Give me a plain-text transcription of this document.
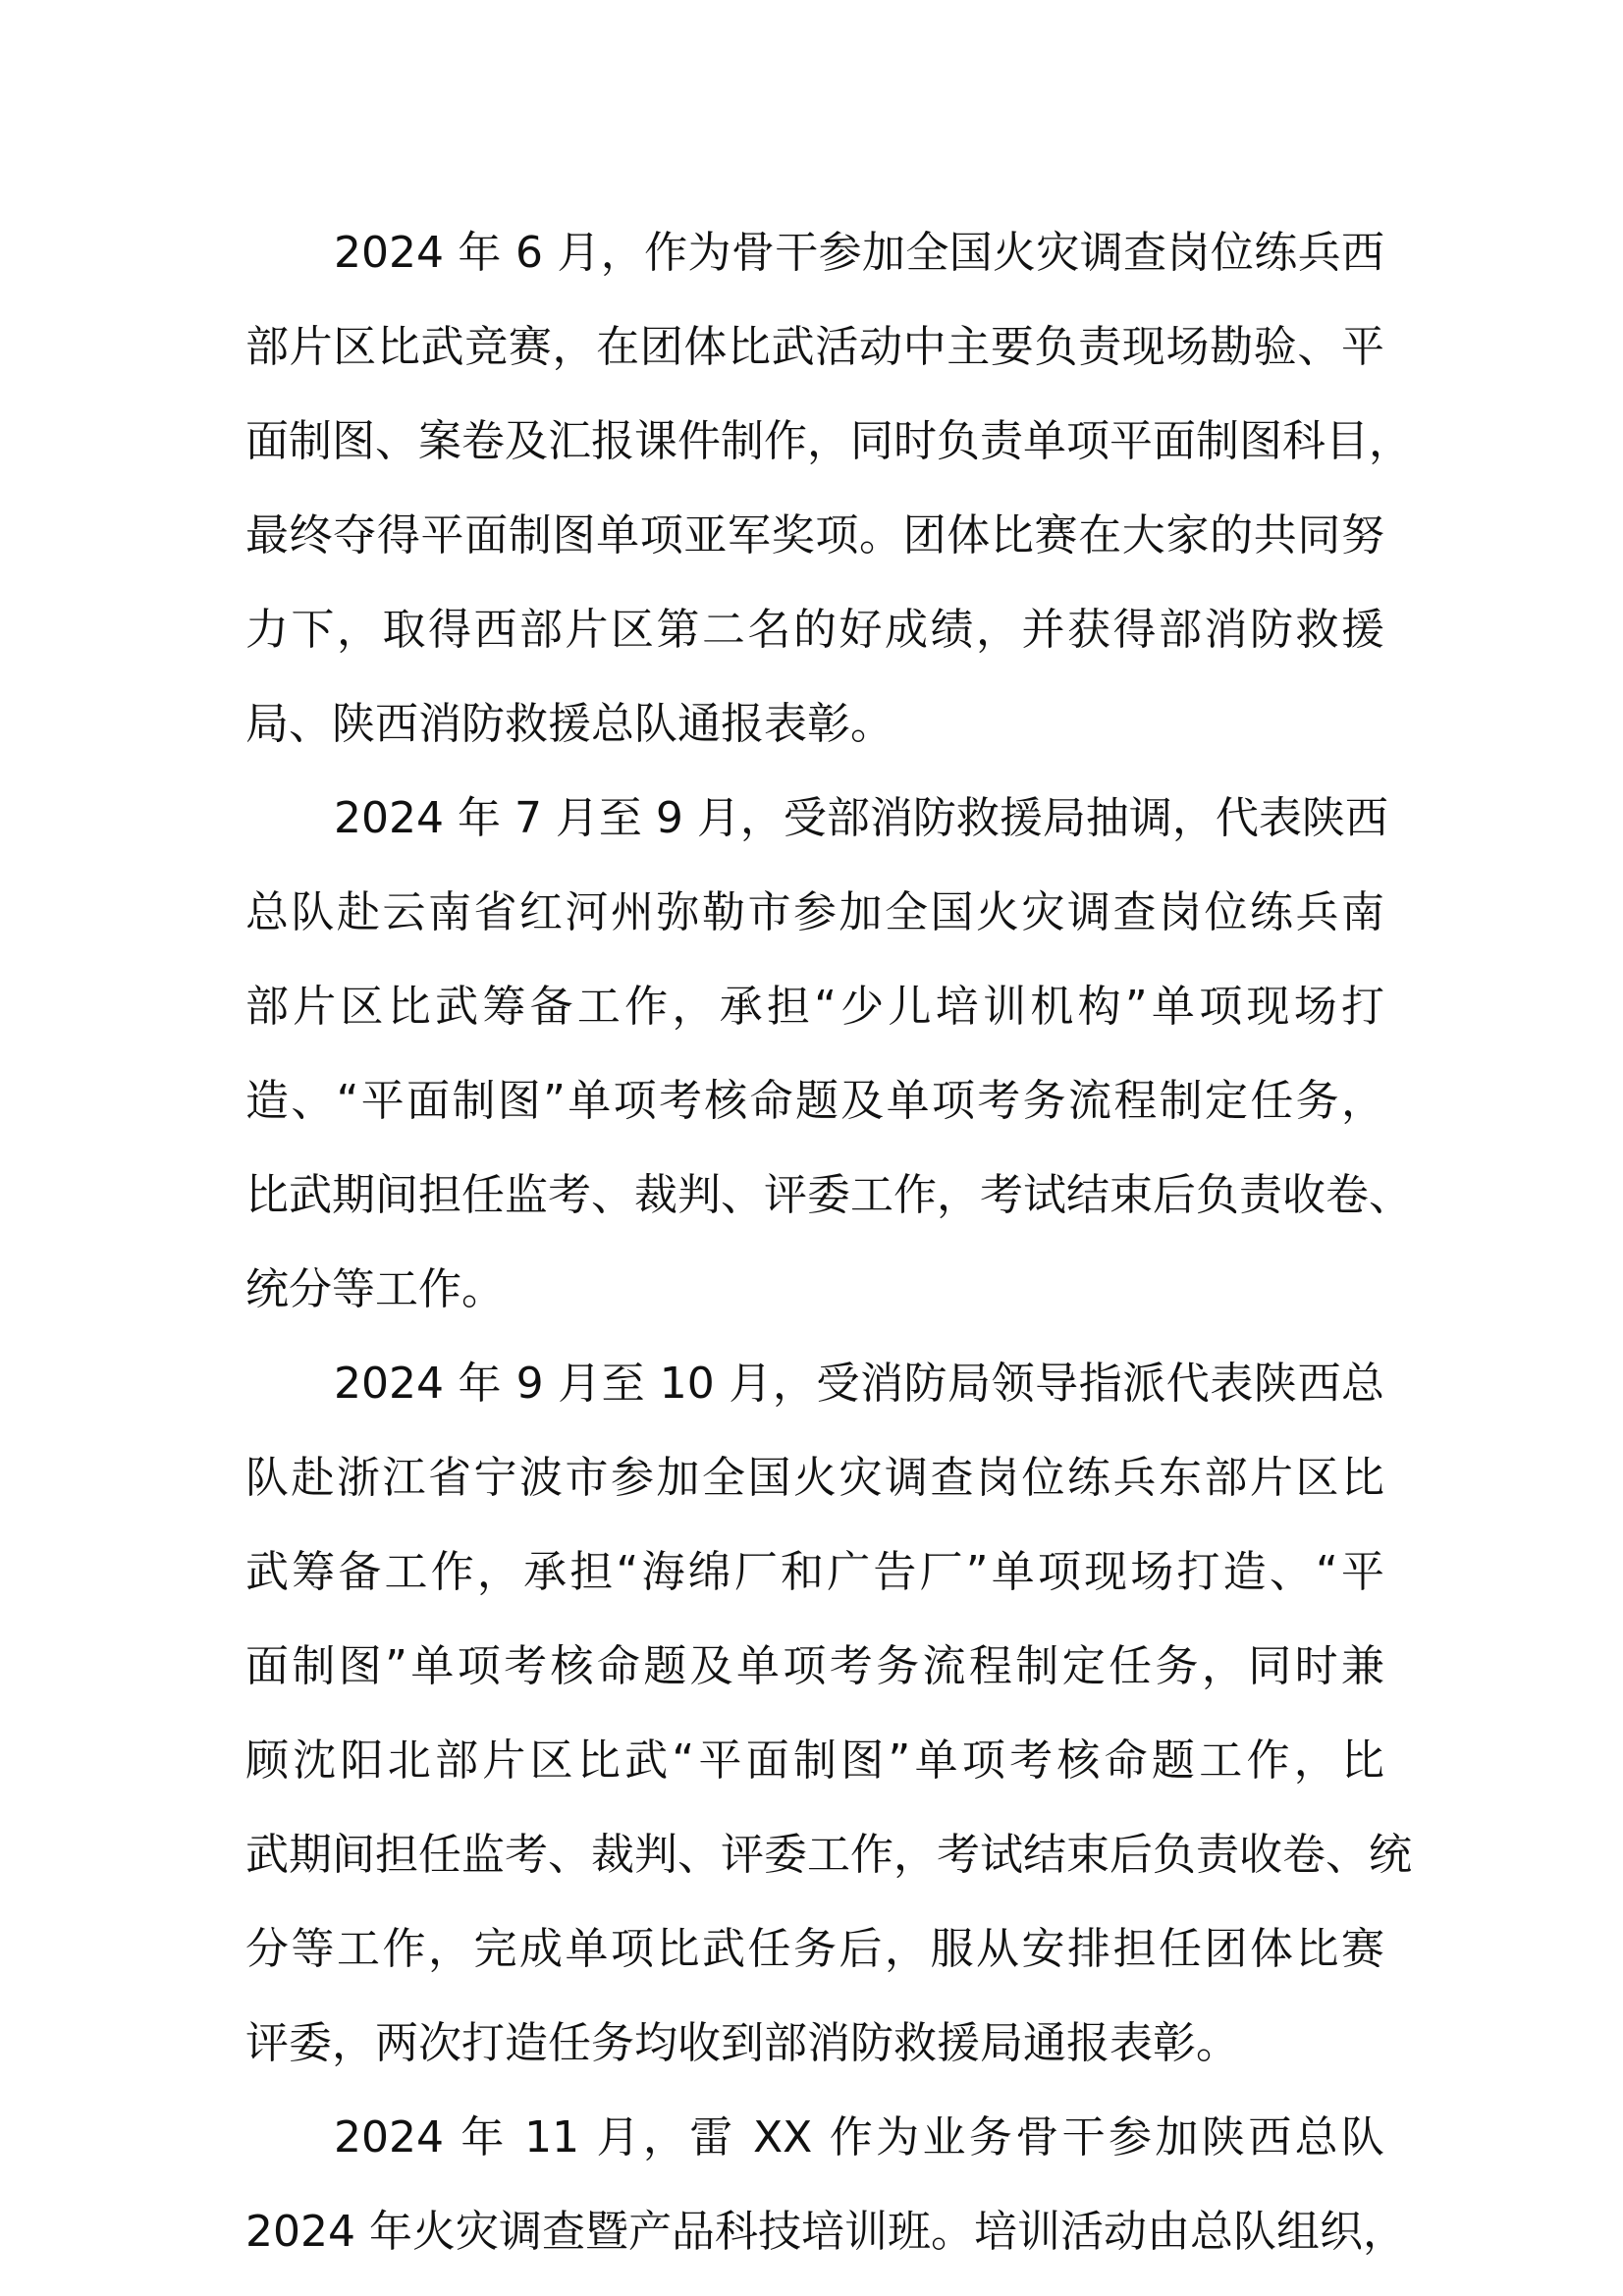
2024 年 6 月，作为骨干参加全国火灾调查岗位练兵西
部片区比武竞赛，在团体比武活动中主要负责现场勘验、平
面制图、案卷及汇报课件制作，同时负责单项平面制图科目，
最终夺得平面制图单项亚军奖项。团体比赛在大家的共同努
力下，取得西部片区第二名的好成绩，并获得部消防救援
局、陕西消防救援总队通报表彰。
2024 年 7 月至 9 月，受部消防救援局抽调，代表陕西
总队赴云南省红河州弥勒市参加全国火灾调查岗位练兵南
部片区比武筹备工作，承担“少儿培训机构”单项现场打
造、“平面制图”单项考核命题及单项考务流程制定任务，
比武期间担任监考、裁判、评委工作，考试结束后负责收卷、
统分等工作。
2024 年 9 月至 10 月，受消防局领导指派代表陕西总
队赴浙江省宁波市参加全国火灾调查岗位练兵东部片区比
武筹备工作，承担“海绵厂和广告厂”单项现场打造、“平
面制图”单项考核命题及单项考务流程制定任务，同时兼
顾沈阳北部片区比武“平面制图”单项考核命题工作，比
武期间担任监考、裁判、评委工作，考试结束后负责收卷、统
分等工作，完成单项比武任务后，服从安排担任团体比赛
评委，两次打造任务均收到部消防救援局通报表彰。
2024 年 11 月，雷 XX 作为业务骨干参加陕西总队
2024 年火灾调查暨产品科技培训班。培训活动由总队组织，
